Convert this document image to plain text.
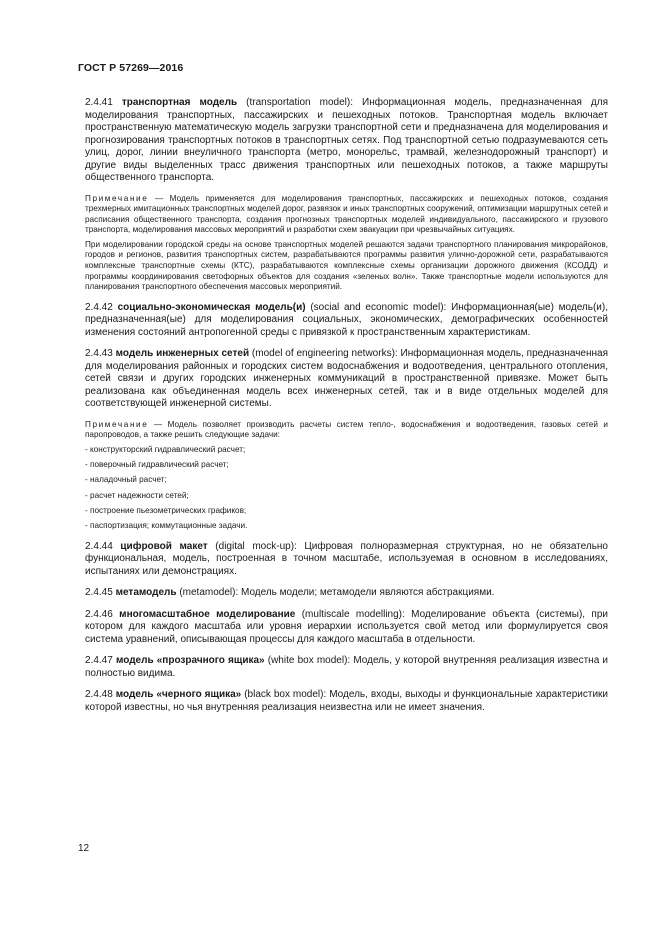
ГОСТ Р 57269—2016

2.4.41 транспортная модель (transportation model): Информационная модель, предназначенная для моделирования транспортных, пассажирских и пешеходных потоков. Транспортная модель включает пространственную математическую модель загрузки транспортной сети и предназначена для моделирования и прогнозирования транспортных потоков в транспортных сетях. Под транспортной сетью подразумеваются сеть улиц, дорог, линии внеуличного транспорта (метро, монорельс, трамвай, железнодорожный транспорт) и другие виды выделенных трасс движения транспортных или пешеходных потоков, а также маршруты общественного транспорта.

Примечание — Модель применяется для моделирования транспортных, пассажирских и пешеходных потоков, создания трехмерных имитационных транспортных моделей дорог, развязок и иных транспортных сооружений, оптимизации маршрутных сетей и расписания общественного транспорта, создания прогнозных транспортных моделей индивидуального, пассажирского и грузового транспорта, моделирования массовых мероприятий и разработки схем эвакуации при чрезвычайных ситуациях.

При моделировании городской среды на основе транспортных моделей решаются задачи транспортного планирования микрорайонов, городов и регионов, развития транспортных систем, разрабатываются программы развития улично-дорожной сети, разрабатываются комплексные транспортные схемы (КТС), разрабатываются комплексные схемы организации дорожного движения (КСОДД) и программы координирования светофорных объектов для создания «зеленых волн». Также транспортные модели используются для планирования транспортного обеспечения массовых мероприятий.

2.4.42 социально-экономическая модель(и) (social and economic model): Информационная(ые) модель(и), предназначенная(ые) для моделирования социальных, экономических, демографических особенностей изменения состояний антропогенной среды с привязкой к пространственным характеристикам.

2.4.43 модель инженерных сетей (model of engineering networks): Информационная модель, предназначенная для моделирования районных и городских систем водоснабжения и водоотведения, центрального отопления, сетей связи и других городских инженерных коммуникаций в пространственной привязке. Может быть реализована как объединенная модель всех инженерных сетей, так и в виде отдельных моделей для соответствующей инженерной системы.

Примечание — Модель позволяет производить расчеты систем тепло-, водоснабжения и водоотведения, газовых сетей и паропроводов, а также решить следующие задачи:

- конструкторский гидравлический расчет;
- поверочный гидравлический расчет;
- наладочный расчет;
- расчет надежности сетей;
- построение пьезометрических графиков;
- паспортизация; коммутационные задачи.

2.4.44 цифровой макет (digital mock-up): Цифровая полноразмерная структурная, но не обязательно функциональная, модель, построенная в точном масштабе, используемая в основном в исследованиях, испытаниях или демонстрациях.

2.4.45 метамодель (metamodel): Модель модели; метамодели являются абстракциями.

2.4.46 многомасштабное моделирование (multiscale modelling): Моделирование объекта (системы), при котором для каждого масштаба или уровня иерархии используется свой метод или формулируется своя система уравнений, описывающая процессы для каждого масштаба в отдельности.

2.4.47 модель «прозрачного ящика» (white box model): Модель, у которой внутренняя реализация известна и полностью видима.

2.4.48 модель «черного ящика» (black box model): Модель, входы, выходы и функциональные характеристики которой известны, но чья внутренняя реализация неизвестна или не имеет значения.

12
